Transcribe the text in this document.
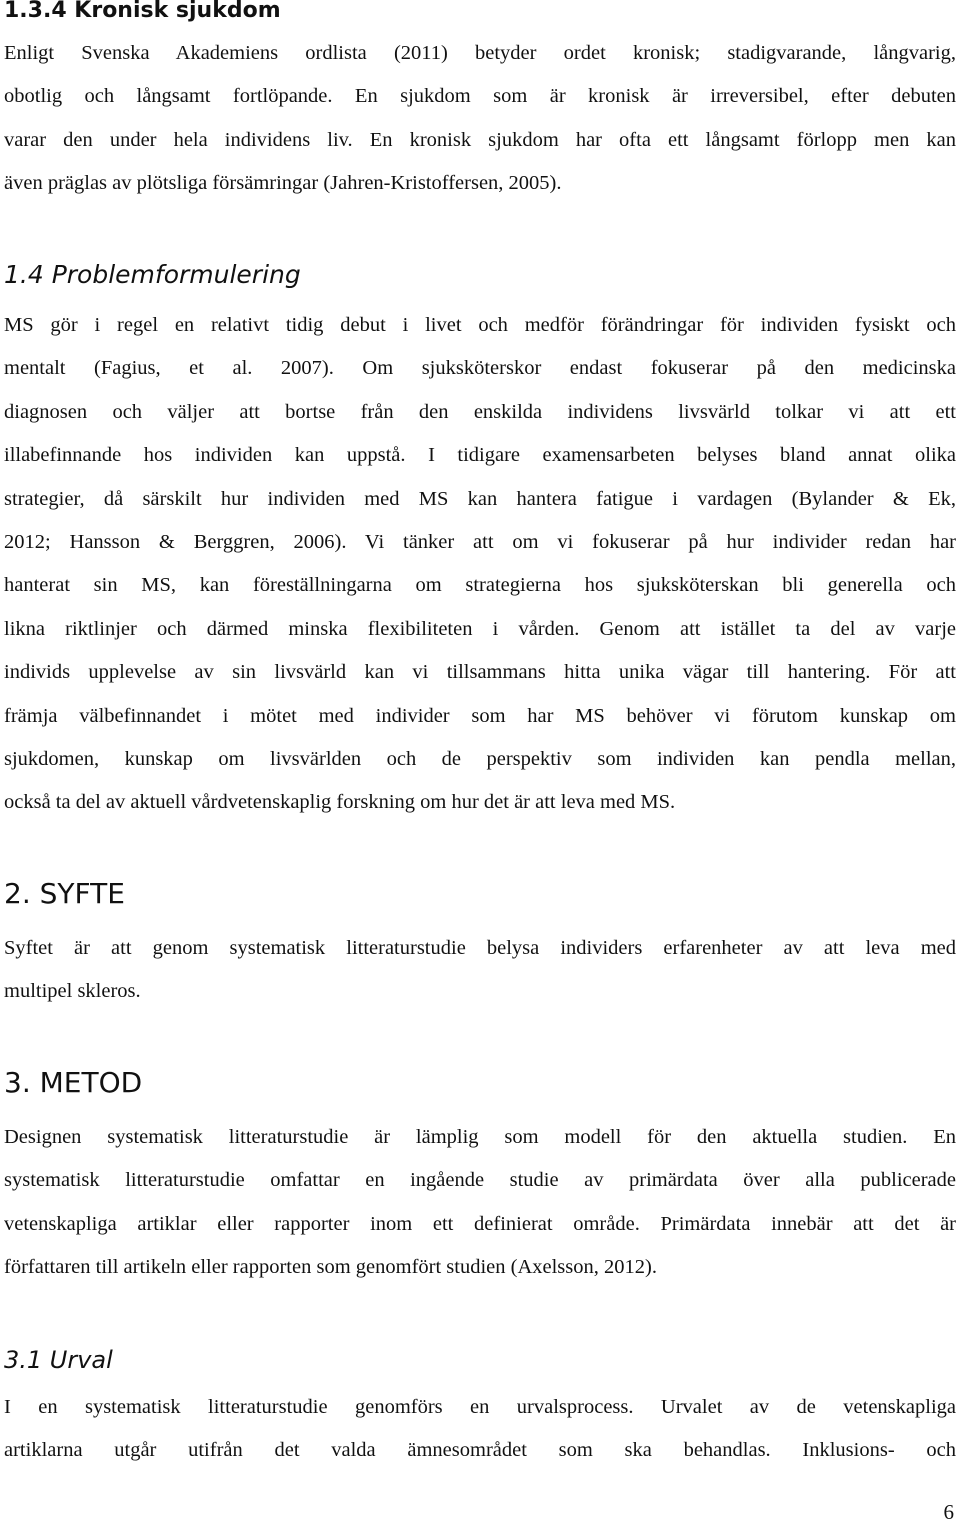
1.3.4 Kronisk sjukdom
Enligt Svenska Akademiens ordlista (2011) betyder ordet kronisk; stadigvarande, långvarig,
obotlig och långsamt fortlöpande. En sjukdom som är kronisk är irreversibel, efter debuten
varar den under hela individens liv. En kronisk sjukdom har ofta ett långsamt förlopp men kan
även präglas av plötsliga försämringar (Jahren-Kristoffersen, 2005).
1.4 Problemformulering
MS gör i regel en relativt tidig debut i livet och medför förändringar för individen fysiskt och
mentalt (Fagius, et al. 2007). Om sjuksköterskor endast fokuserar på den medicinska
diagnosen och väljer att bortse från den enskilda individens livsvärld tolkar vi att ett
illabefinnande hos individen kan uppstå. I tidigare examensarbeten belyses bland annat olika
strategier, då särskilt hur individen med MS kan hantera fatigue i vardagen (Bylander & Ek,
2012; Hansson & Berggren, 2006). Vi tänker att om vi fokuserar på hur individer redan har
hanterat sin MS, kan föreställningarna om strategierna hos sjuksköterskan bli generella och
likna riktlinjer och därmed minska flexibiliteten i vården. Genom att istället ta del av varje
individs upplevelse av sin livsvärld kan vi tillsammans hitta unika vägar till hantering. För att
främja välbefinnandet i mötet med individer som har MS behöver vi förutom kunskap om
sjukdomen, kunskap om livsvärlden och de perspektiv som individen kan pendla mellan,
också ta del av aktuell vårdvetenskaplig forskning om hur det är att leva med MS.
2. SYFTE
Syftet är att genom systematisk litteraturstudie belysa individers erfarenheter av att leva med
multipel skleros.
3. METOD
Designen systematisk litteraturstudie är lämplig som modell för den aktuella studien. En
systematisk litteraturstudie omfattar en ingående studie av primärdata över alla publicerade
vetenskapliga artiklar eller rapporter inom ett definierat område. Primärdata innebär att det är
författaren till artikeln eller rapporten som genomfört studien (Axelsson, 2012).
3.1 Urval
I en systematisk litteraturstudie genomförs en urvalsprocess. Urvalet av de vetenskapliga
artiklarna utgår utifrån det valda ämnesområdet som ska behandlas. Inklusions- och
6
